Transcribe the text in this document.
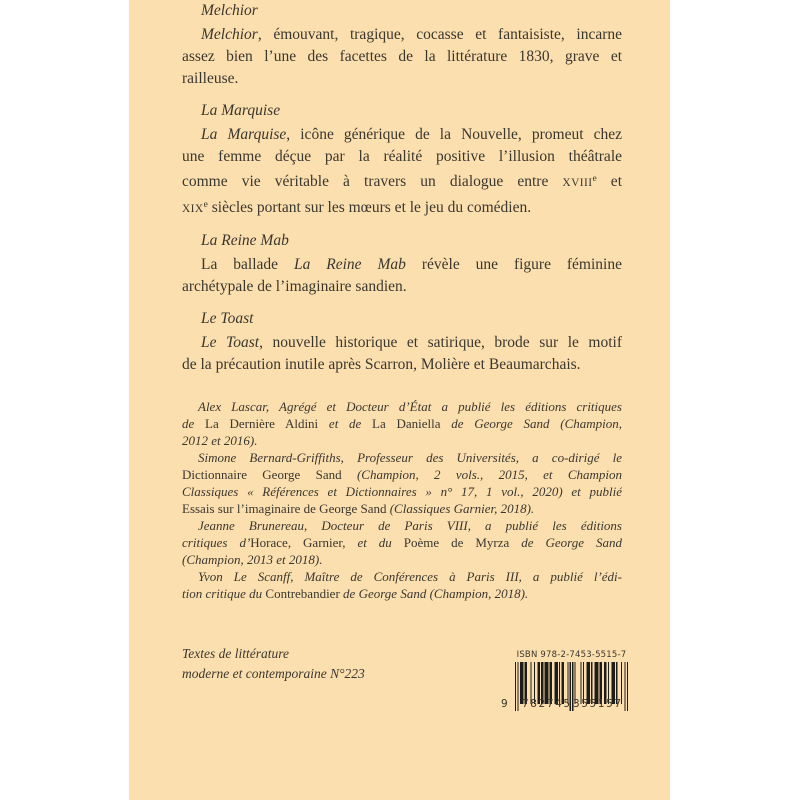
Melchior
Melchior, émouvant, tragique, cocasse et fantaisiste, incarne
assez bien l’une des facettes de la littérature 1830, grave et
railleuse.
La Marquise
La Marquise, icône générique de la Nouvelle, promeut chez
une femme déçue par la réalité positive l’illusion théâtrale
comme vie véritable à travers un dialogue entre XVIIIe et
XIXe siècles portant sur les mœurs et le jeu du comédien.
La Reine Mab
La ballade La Reine Mab révèle une figure féminine
archétypale de l’imaginaire sandien.
Le Toast
Le Toast, nouvelle historique et satirique, brode sur le motif
de la précaution inutile après Scarron, Molière et Beaumarchais.
Alex Lascar, Agrégé et Docteur d’État a publié les éditions critiques
de La Dernière Aldini et de La Daniella de George Sand (Champion,
2012 et 2016).
Simone Bernard-Griffiths, Professeur des Universités, a co-dirigé le
Dictionnaire George Sand (Champion, 2 vols., 2015, et Champion
Classiques « Références et Dictionnaires » n° 17, 1 vol., 2020) et publié
Essais sur l’imaginaire de George Sand (Classiques Garnier, 2018).
Jeanne Brunereau, Docteur de Paris VIII, a publié les éditions
critiques d’Horace, Garnier, et du Poème de Myrza de George Sand
(Champion, 2013 et 2018).
Yvon Le Scanff, Maître de Conférences à Paris III, a publié l’édi-
tion critique du Contrebandier de George Sand (Champion, 2018).
Textes de littérature
moderne et contemporaine N°223
ISBN 978-2-7453-5515-7
9 782745 355157
